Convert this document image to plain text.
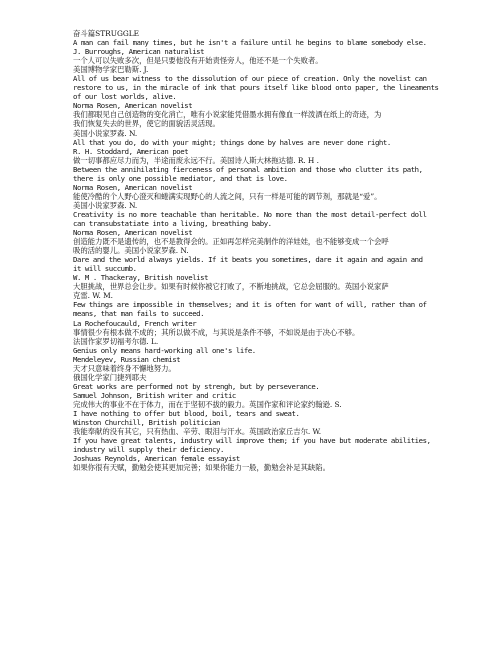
奋斗篇STRUGGLE
A man can fail many times, but he isn't a failure until he begins to blame somebody else.
J. Burroughs, American naturalist
一个人可以失败多次，但是只要他没有开始责怪旁人，他还不是一个失败者。
美国博物学家巴勒斯. J.
All of us bear witness to the dissolution of our piece of creation. Only the novelist can
restore to us, in the miracle of ink that pours itself like blood onto paper, the lineaments
of our lost worlds, alive.
Norma Rosen, American novelist
我们都眼见自己创造物的变化消亡，唯有小说家能凭借墨水拥有像血一样泼洒在纸上的奇迹，为
我们恢复失去的世界，使它的面貌活灵活现。
美国小说家罗森. N.
All that you do, do with your might; things done by halves are never done right.
R. H. Stoddard, American poet
做一切事都应尽力而为，半途而废永远不行。美国诗人斯大林拖达德. R. H .
Between the annihilating fierceness of personal ambition and those who clutter its path,
there is only one possible mediator, and that is love.
Norma Rosen, American novelist
能使冷酷的个人野心澄灭和蜷满实现野心的人流之间，只有一样是可能的调节剂，那就是“爱”。
美国小说家罗森. N.
Creativity is no more teachable than heritable. No more than the most detail-perfect doll
can transubstatiate into a living, breathing baby.
Norma Rosen, American novelist
创造能力既不是遗传的，也不是教得会的。正如再怎样完美制作的洋娃娃，也不能够变成一个会呼
吸的活的婴儿。美国小说家罗森. N.
Dare and the world always yields. If it beats you sometimes, dare it again and again and
it will succumb.
W. M . Thackeray, British novelist
大胆挑战，世界总会让步。如果有时候你被它打败了，不断地挑战，它总会屈服的。英国小说家萨
克雷. W. M.
Few things are impossible in themselves; and it is often for want of will, rather than of
means, that man fails to succeed.
La Rochefoucauld, French writer
事情很少有根本做不成的；其所以做不成，与其说是条件不够，不如说是由于决心不够。
法国作家罗切福考尔德. L.
Genius only means hard-working all one's life.
Mendeleyev, Russian chemist
天才只意味着终身不懈地努力。
俄国化学家门捷列耶夫
Great works are performed not by strengh, but by perseverance.
Samuel Johnson, British writer and critic
完成伟大的事业不在于体力，而在于坚韧不拔的毅力。英国作家和评论家约翰逊. S.
I have nothing to offer but blood, boil, tears and sweat.
Winston Churchill, British politician
我能奉献的没有其它，只有热血、辛劳、眼泪与汗水。英国政治家丘吉尔. W.
If you have great talents, industry will improve them; if you have but moderate abilities,
industry will supply their deficiency.
Joshuas Reynolds, American female essayist
如果你很有天赋，勤勉会使其更加完善；如果你能力一般，勤勉会补足其缺陷。
